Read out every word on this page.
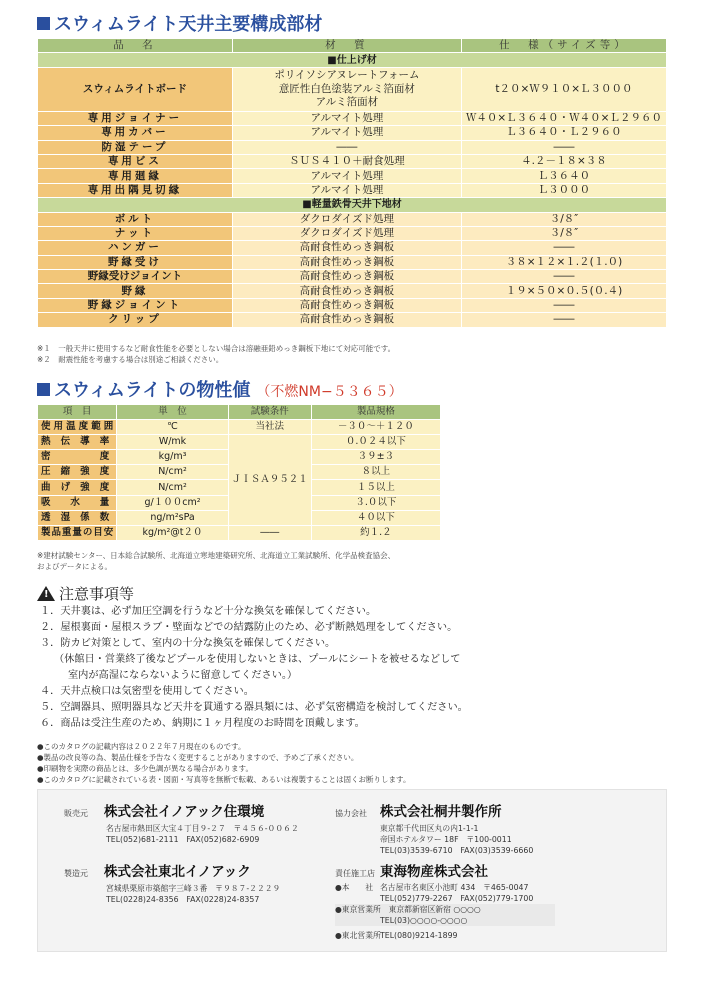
スウィムライト天井主要構成部材
品　名	材　質	仕　様（サイズ等）
■仕上げ材		
スウィムライトボード	ポリイソシアヌレートフォーム
意匠性白色塗装アルミ箔面材
アルミ箔面材	t２０×Ｗ９１０×Ｌ３０００
専用ジョイナー	アルマイト処理	Ｗ４０×Ｌ３６４０・Ｗ４０×Ｌ２９６０
専用カバー	アルマイト処理	Ｌ３６４０・Ｌ２９６０
防湿テープ	――	――
専用ビス	ＳＵＳ４１０＋耐食処理	４.２－１８×３８
専用廻縁	アルマイト処理	Ｌ３６４０
専用出隅見切縁	アルマイト処理	Ｌ３０００
■軽量鉄骨天井下地材		
ボルト	ダクロダイズド処理	３/８″
ナット	ダクロダイズド処理	３/８″
ハンガー	高耐食性めっき鋼板	――
野縁受け	高耐食性めっき鋼板	３８×１２×１.２(１.０)
野縁受けジョイント	高耐食性めっき鋼板	――
野縁	高耐食性めっき鋼板	１９×５０×０.５(０.４)
野縁ジョイント	高耐食性めっき鋼板	――
クリップ	高耐食性めっき鋼板	――
※１　一般天井に使用するなど耐食性能を必要としない場合は溶融亜鉛めっき鋼板下地にて対応可能です。
※２　耐震性能を考慮する場合は別途ご相談ください。
スウィムライトの物性値 （不燃NM−５３６５）
項　目	単　位	試験条件	製品規格
使用温度範囲	℃	当社法	－３０～＋１２０
熱伝導率	W/mk	ＪＩＳＡ９５２１	０.０２４以下
密度	kg/m³		３９±３
圧縮強度	N/cm²		８以上
曲げ強度	N/cm²		１５以上
吸水量	g/１００cm²		３.０以下
透湿係数	ng/m²sPa		４０以下
製品重量の目安	kg/m²@t２０	――	約１.２
※建材試験センター、日本総合試験所、北海道立寒地建築研究所、北海道立工業試験所、化学品検査協会、
およびデータによる。
! 注意事項等
１．天井裏は、必ず加圧空調を行うなど十分な換気を確保してください。
２．屋根裏面・屋根スラブ・壁面などでの結露防止のため、必ず断熱処理をしてください。
３．防カビ対策として、室内の十分な換気を確保してください。
（休館日・営業終了後などプールを使用しないときは、プールにシートを被せるなどして
室内が高湿にならないように留意してください。）
４．天井点検口は気密型を使用してください。
５．空調器具、照明器具など天井を貫通する器具類には、必ず気密構造を検討してください。
６．商品は受注生産のため、納期に１ヶ月程度のお時間を頂戴します。
●このカタログの記載内容は２０２２年７月現在のものです。
●製品の改良等の為、製品仕様を予告なく変更することがありますので、予めご了承ください。
●印刷物を実際の商品とは、多少色調が異なる場合があります。
●このカタログに記載されている表・図面・写真等を無断で転載、あるいは複製することは固くお断りします。
販売元 株式会社イノアック住環境
名古屋市熱田区大宝４丁目９-２７　〒４５６-００６２
TEL(052)681-2111　FAX(052)682-6909
製造元 株式会社東北イノアック
宮城県栗原市築館字三峰３番　〒９８７-２２２９
TEL(0228)24-8356　FAX(0228)24-8357
協力会社 株式会社桐井製作所
東京都千代田区丸の内1-1-1
帝国ホテルタワー 18F　〒100-0011
TEL(03)3539-6710　FAX(03)3539-6660
責任施工店 東海物産株式会社
●本　　社 名古屋市名東区小池町 434　〒465-0047
TEL(052)779-2267　FAX(052)779-1700
●東京営業所　東京都新宿区新宿 ○○○○
TEL(03)○○○○-○○○○
●東北営業所TEL(080)9214-1899
